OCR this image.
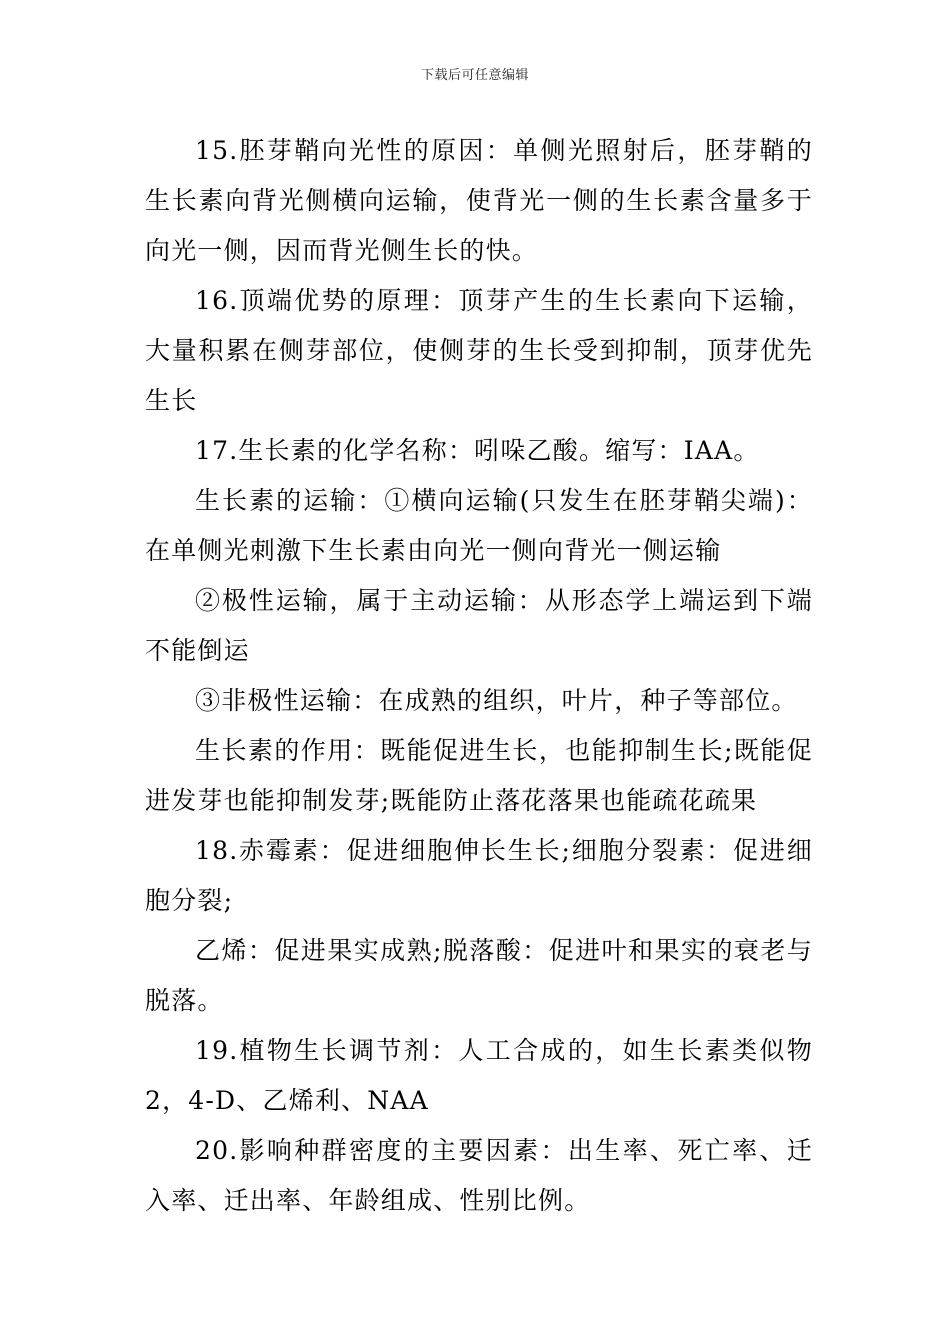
下载后可任意编辑

15.胚芽鞘向光性的原因：单侧光照射后，胚芽鞘的生长素向背光侧横向运输，使背光一侧的生长素含量多于向光一侧，因而背光侧生长的快。

16.顶端优势的原理：顶芽产生的生长素向下运输，大量积累在侧芽部位，使侧芽的生长受到抑制，顶芽优先生长

17.生长素的化学名称：吲哚乙酸。缩写：IAA。

生长素的运输：①横向运输(只发生在胚芽鞘尖端)：在单侧光刺激下生长素由向光一侧向背光一侧运输

②极性运输，属于主动运输：从形态学上端运到下端不能倒运

③非极性运输：在成熟的组织，叶片，种子等部位。

生长素的作用：既能促进生长，也能抑制生长;既能促进发芽也能抑制发芽;既能防止落花落果也能疏花疏果

18.赤霉素：促进细胞伸长生长;细胞分裂素：促进细胞分裂;

乙烯：促进果实成熟;脱落酸：促进叶和果实的衰老与脱落。

19.植物生长调节剂：人工合成的，如生长素类似物2，4-D、乙烯利、NAA

20.影响种群密度的主要因素：出生率、死亡率、迁入率、迁出率、年龄组成、性别比例。
